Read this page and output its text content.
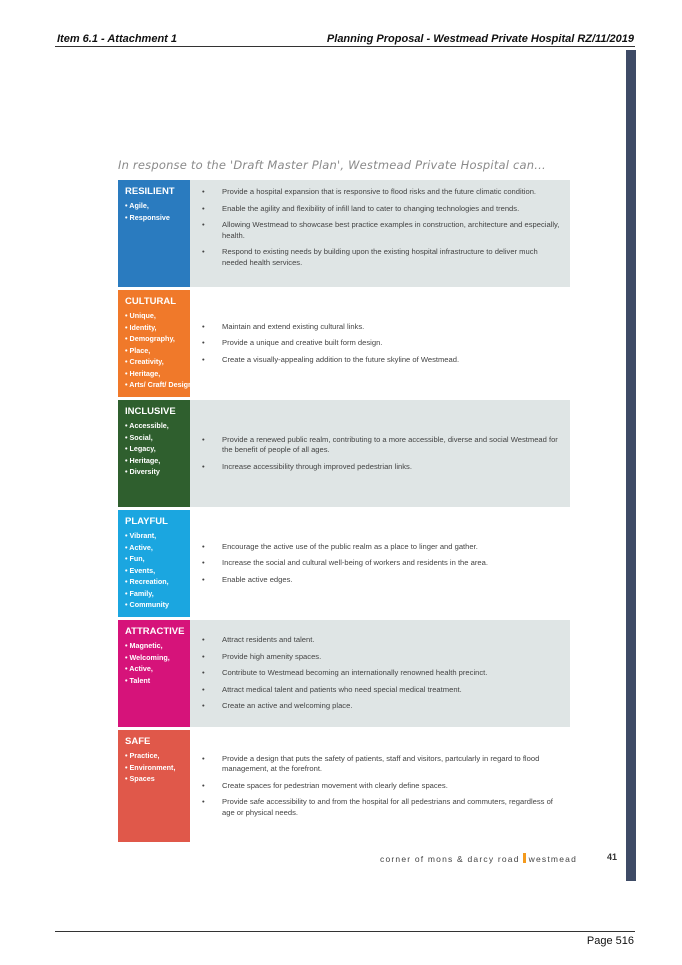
Item 6.1 - Attachment 1	Planning Proposal - Westmead Private Hospital RZ/11/2019
In response to the 'Draft Master Plan', Westmead Private Hospital can...
RESILIENT
• Agile,
• Responsive
•	Provide a hospital expansion that is responsive to flood risks and the future climatic condition.
•	Enable the agility and flexibility of infill land to cater to changing technologies and trends.
•	Allowing Westmead to showcase best practice examples in construction, architecture and especially, health.
•	Respond to existing needs by building upon the existing hospital infrastructure to deliver much needed health services.
CULTURAL
• Unique,
• Identity,
• Demography,
• Place,
• Creativity,
• Heritage,
• Arts/ Craft/ Design
•	Maintain and extend existing cultural links.
•	Provide a unique and creative built form design.
•	Create a visually-appealing addition to the future skyline of Westmead.
INCLUSIVE
• Accessible,
• Social,
• Legacy,
• Heritage,
• Diversity
•	Provide a renewed public realm, contributing to a more accessible, diverse and social Westmead for the benefit of people of all ages.
•	Increase accessibility through improved pedestrian links.
PLAYFUL
• Vibrant,
• Active,
• Fun,
• Events,
• Recreation,
• Family,
• Community
•	Encourage the active use of the public realm as a place to linger and gather.
•	Increase the social and cultural well-being of workers and residents in the area.
•	Enable active edges.
ATTRACTIVE
• Magnetic,
• Welcoming,
• Active,
• Talent
•	Attract residents and talent.
•	Provide high amenity spaces.
•	Contribute to Westmead becoming an internationally renowned health precinct.
•	Attract medical talent and patients who need special medical treatment.
•	Create an active and welcoming place.
SAFE
• Practice,
• Environment,
• Spaces
•	Provide a design that puts the safety of patients, staff and visitors, partcularly in regard to flood management, at the forefront.
•	Create spaces for pedestrian movement with clearly define spaces.
•	Provide safe accessibility to and from the hospital for all pedestrians and commuters, regardless of age or physical needs.
corner of mons & darcy road westmead	41
Page 516
